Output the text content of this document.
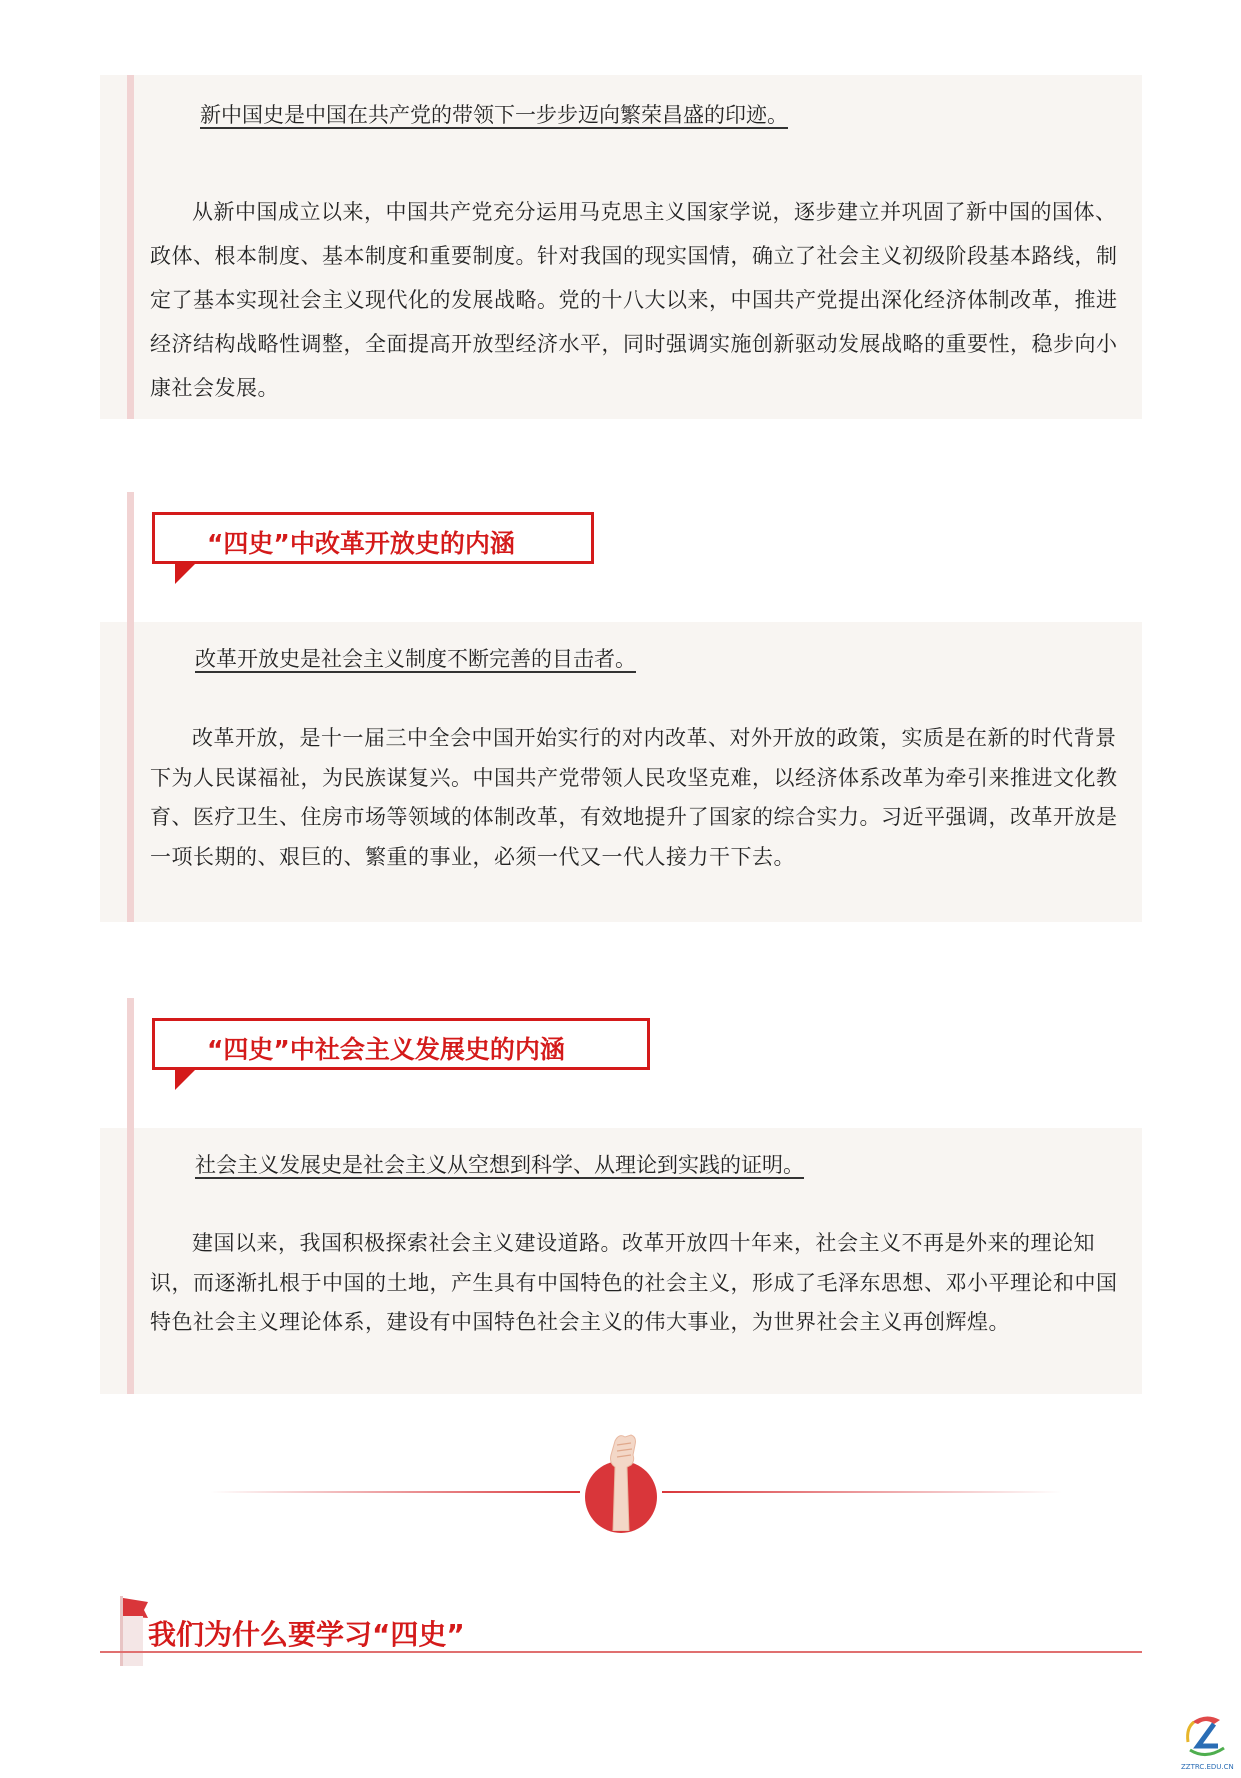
新中国史是中国在共产党的带领下一步步迈向繁荣昌盛的印迹。

从新中国成立以来，中国共产党充分运用马克思主义国家学说，逐步建立并巩固了新中国的国体、政体、根本制度、基本制度和重要制度。针对我国的现实国情，确立了社会主义初级阶段基本路线，制定了基本实现社会主义现代化的发展战略。党的十八大以来，中国共产党提出深化经济体制改革，推进经济结构战略性调整，全面提高开放型经济水平，同时强调实施创新驱动发展战略的重要性，稳步向小康社会发展。

“四史”中改革开放史的内涵

改革开放史是社会主义制度不断完善的目击者。

改革开放，是十一届三中全会中国开始实行的对内改革、对外开放的政策，实质是在新的时代背景下为人民谋福祉，为民族谋复兴。中国共产党带领人民攻坚克难，以经济体系改革为牵引来推进文化教育、医疗卫生、住房市场等领域的体制改革，有效地提升了国家的综合实力。习近平强调，改革开放是一项长期的、艰巨的、繁重的事业，必须一代又一代人接力干下去。

“四史”中社会主义发展史的内涵

社会主义发展史是社会主义从空想到科学、从理论到实践的证明。

建国以来，我国积极探索社会主义建设道路。改革开放四十年来，社会主义不再是外来的理论知识，而逐渐扎根于中国的土地，产生具有中国特色的社会主义，形成了毛泽东思想、邓小平理论和中国特色社会主义理论体系，建设有中国特色社会主义的伟大事业，为世界社会主义再创辉煌。

我们为什么要学习“四史”
ZZTRC.EDU.CN
